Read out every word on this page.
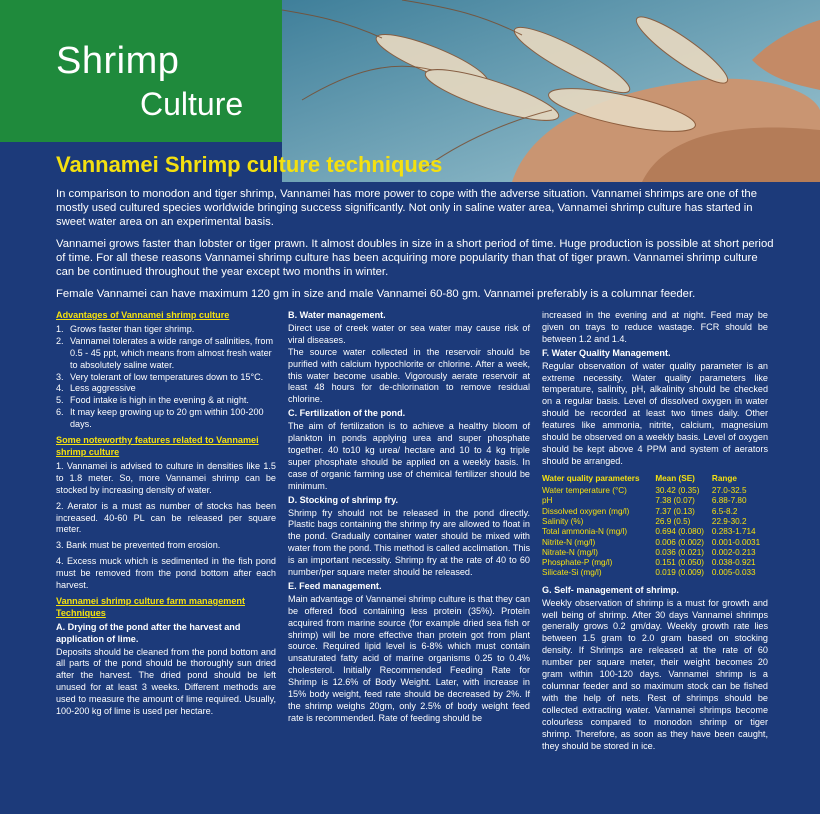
Shrimp
Culture
Vannamei Shrimp culture techniques

In comparison to monodon and tiger shrimp, Vannamei has more power to cope with the adverse situation. Vannamei shrimps are one of the mostly used cultured species worldwide bringing success significantly. Not only in saline water area, Vannamei shrimp culture has started in sweet water area on an experimental basis.

Vannamei grows faster than lobster or tiger prawn. It almost doubles in size in a short period of time. Huge production is possible at short period of time. For all these reasons Vannamei shrimp culture has been acquiring more popularity than that of tiger prawn. Vannamei shrimp culture can be continued throughout the year except two months in winter.

Female Vannamei can have maximum 120 gm in size and male Vannamei 60-80 gm. Vannamei preferably is a columnar feeder.

Advantages of Vannamei shrimp culture
1. Grows faster than tiger shrimp.
2. Vannamei tolerates a wide range of salinities, from 0.5 - 45 ppt, which means from almost fresh water to absolutely saline water.
3. Very tolerant of low temperatures down to 15°C.
4. Less aggressive
5. Food intake is high in the evening & at night.
6. It may keep growing up to 20 gm within 100-200 days.
Some noteworthy features related to Vannamei shrimp culture

1. Vannamei is advised to culture in densities like 1.5 to 1.8 meter. So, more Vannamei shrimp can be stocked by increasing density of water.

2. Aerator is a must as number of stocks has been increased. 40-60 PL can be released per square meter.

3. Bank must be prevented from erosion.

4. Excess muck which is sedimented in the fish pond must be removed from the pond bottom after each harvest.

Vannamei shrimp culture farm management Techniques
A. Drying of the pond after the harvest and application of lime.

Deposits should be cleaned from the pond bottom and all parts of the pond should be thoroughly sun dried after the harvest. The dried pond should be left unused for at least 3 weeks. Different methods are used to measure the amount of lime required. Usually, 100-200 kg of lime is used per hectare.

B. Water management.

Direct use of creek water or sea water may cause risk of viral diseases.

The source water collected in the reservoir should be purified with calcium hypochlorite or chlorine. After a week, this water become usable. Vigorously aerate reservoir at least 48 hours for de-chlorination to remove residual chlorine.

C. Fertilization of the pond.

The aim of fertilization is to achieve a healthy bloom of plankton in ponds applying urea and super phosphate together. 40 to10 kg urea/ hectare and 10 to 4 kg triple super phosphate should be applied on a weekly basis. In case of organic farming use of chemical fertilizer should be minimum.

D. Stocking of shrimp fry.

Shrimp fry should not be released in the pond directly. Plastic bags containing the shrimp fry are allowed to float in the pond. Gradually container water should be mixed with water from the pond. This method is called acclimation. This is an important necessity. Shrimp fry at the rate of 40 to 60 number/per square meter should be released.

E. Feed management.

Main advantage of Vannamei shrimp culture is that they can be offered food containing less protein (35%). Protein acquired from marine source (for example dried sea fish or shrimp) will be more effective than protein got from plant source. Required lipid level is 6-8% which must contain unsaturated fatty acid of marine organisms 0.25 to 0.4% cholesterol. Initially Recommended Feeding Rate for Shrimp is 12.6% of Body Weight. Later, with increase in 15% body weight, feed rate should be decreased by 2%. If the shrimp weighs 20gm, only 2.5% of body weight feed rate is recommended. Rate of feeding should be

increased in the evening and at night. Feed may be given on trays to reduce wastage. FCR should be between 1.2 and 1.4.

F. Water Quality Management.

Regular observation of water quality parameter is an extreme necessity. Water quality parameters like temperature, salinity, pH, alkalinity should be checked on a regular basis. Level of dissolved oxygen in water should be recorded at least two times daily. Other features like ammonia, nitrite, calcium, magnesium should be observed on a weekly basis. Level of oxygen should be kept above 4 PPM and system of aerators should be arranged.

Water quality parameters	Mean (SE)	Range
Water temperature (°C)	30.42 (0.35)	27.0-32.5
pH	7.38 (0.07)	6.88-7.80
Dissolved oxygen (mg/l)	7.37 (0.13)	6.5-8.2
Salinity (%)	26.9 (0.5)	22.9-30.2
Total ammonia-N (mg/l)	0.694 (0.080)	0.283-1.714
Nitrite-N (mg/l)	0.006 (0.002)	0.001-0.0031
Nitrate-N (mg/l)	0.036 (0.021)	0.002-0.213
Phosphate-P (mg/l)	0.151 (0.050)	0.038-0.921
Silicate-Si (mg/l)	0.019 (0.009)	0.005-0.033
G. Self- management of shrimp.

Weekly observation of shrimp is a must for growth and well being of shrimp. After 30 days Vannamei shrimps generally grows 0.2 gm/day. Weekly growth rate lies between 1.5 gram to 2.0 gram based on stocking density. If Shrimps are released at the rate of 60 number per square meter, their weight becomes 20 gram within 100-120 days. Vannamei shrimp is a columnar feeder and so maximum stock can be fished with the help of nets. Rest of shrimps should be collected extracting water. Vannamei shrimps become colourless compared to monodon shrimp or tiger shrimp. Therefore, as soon as they have been caught, they should be stored in ice.
